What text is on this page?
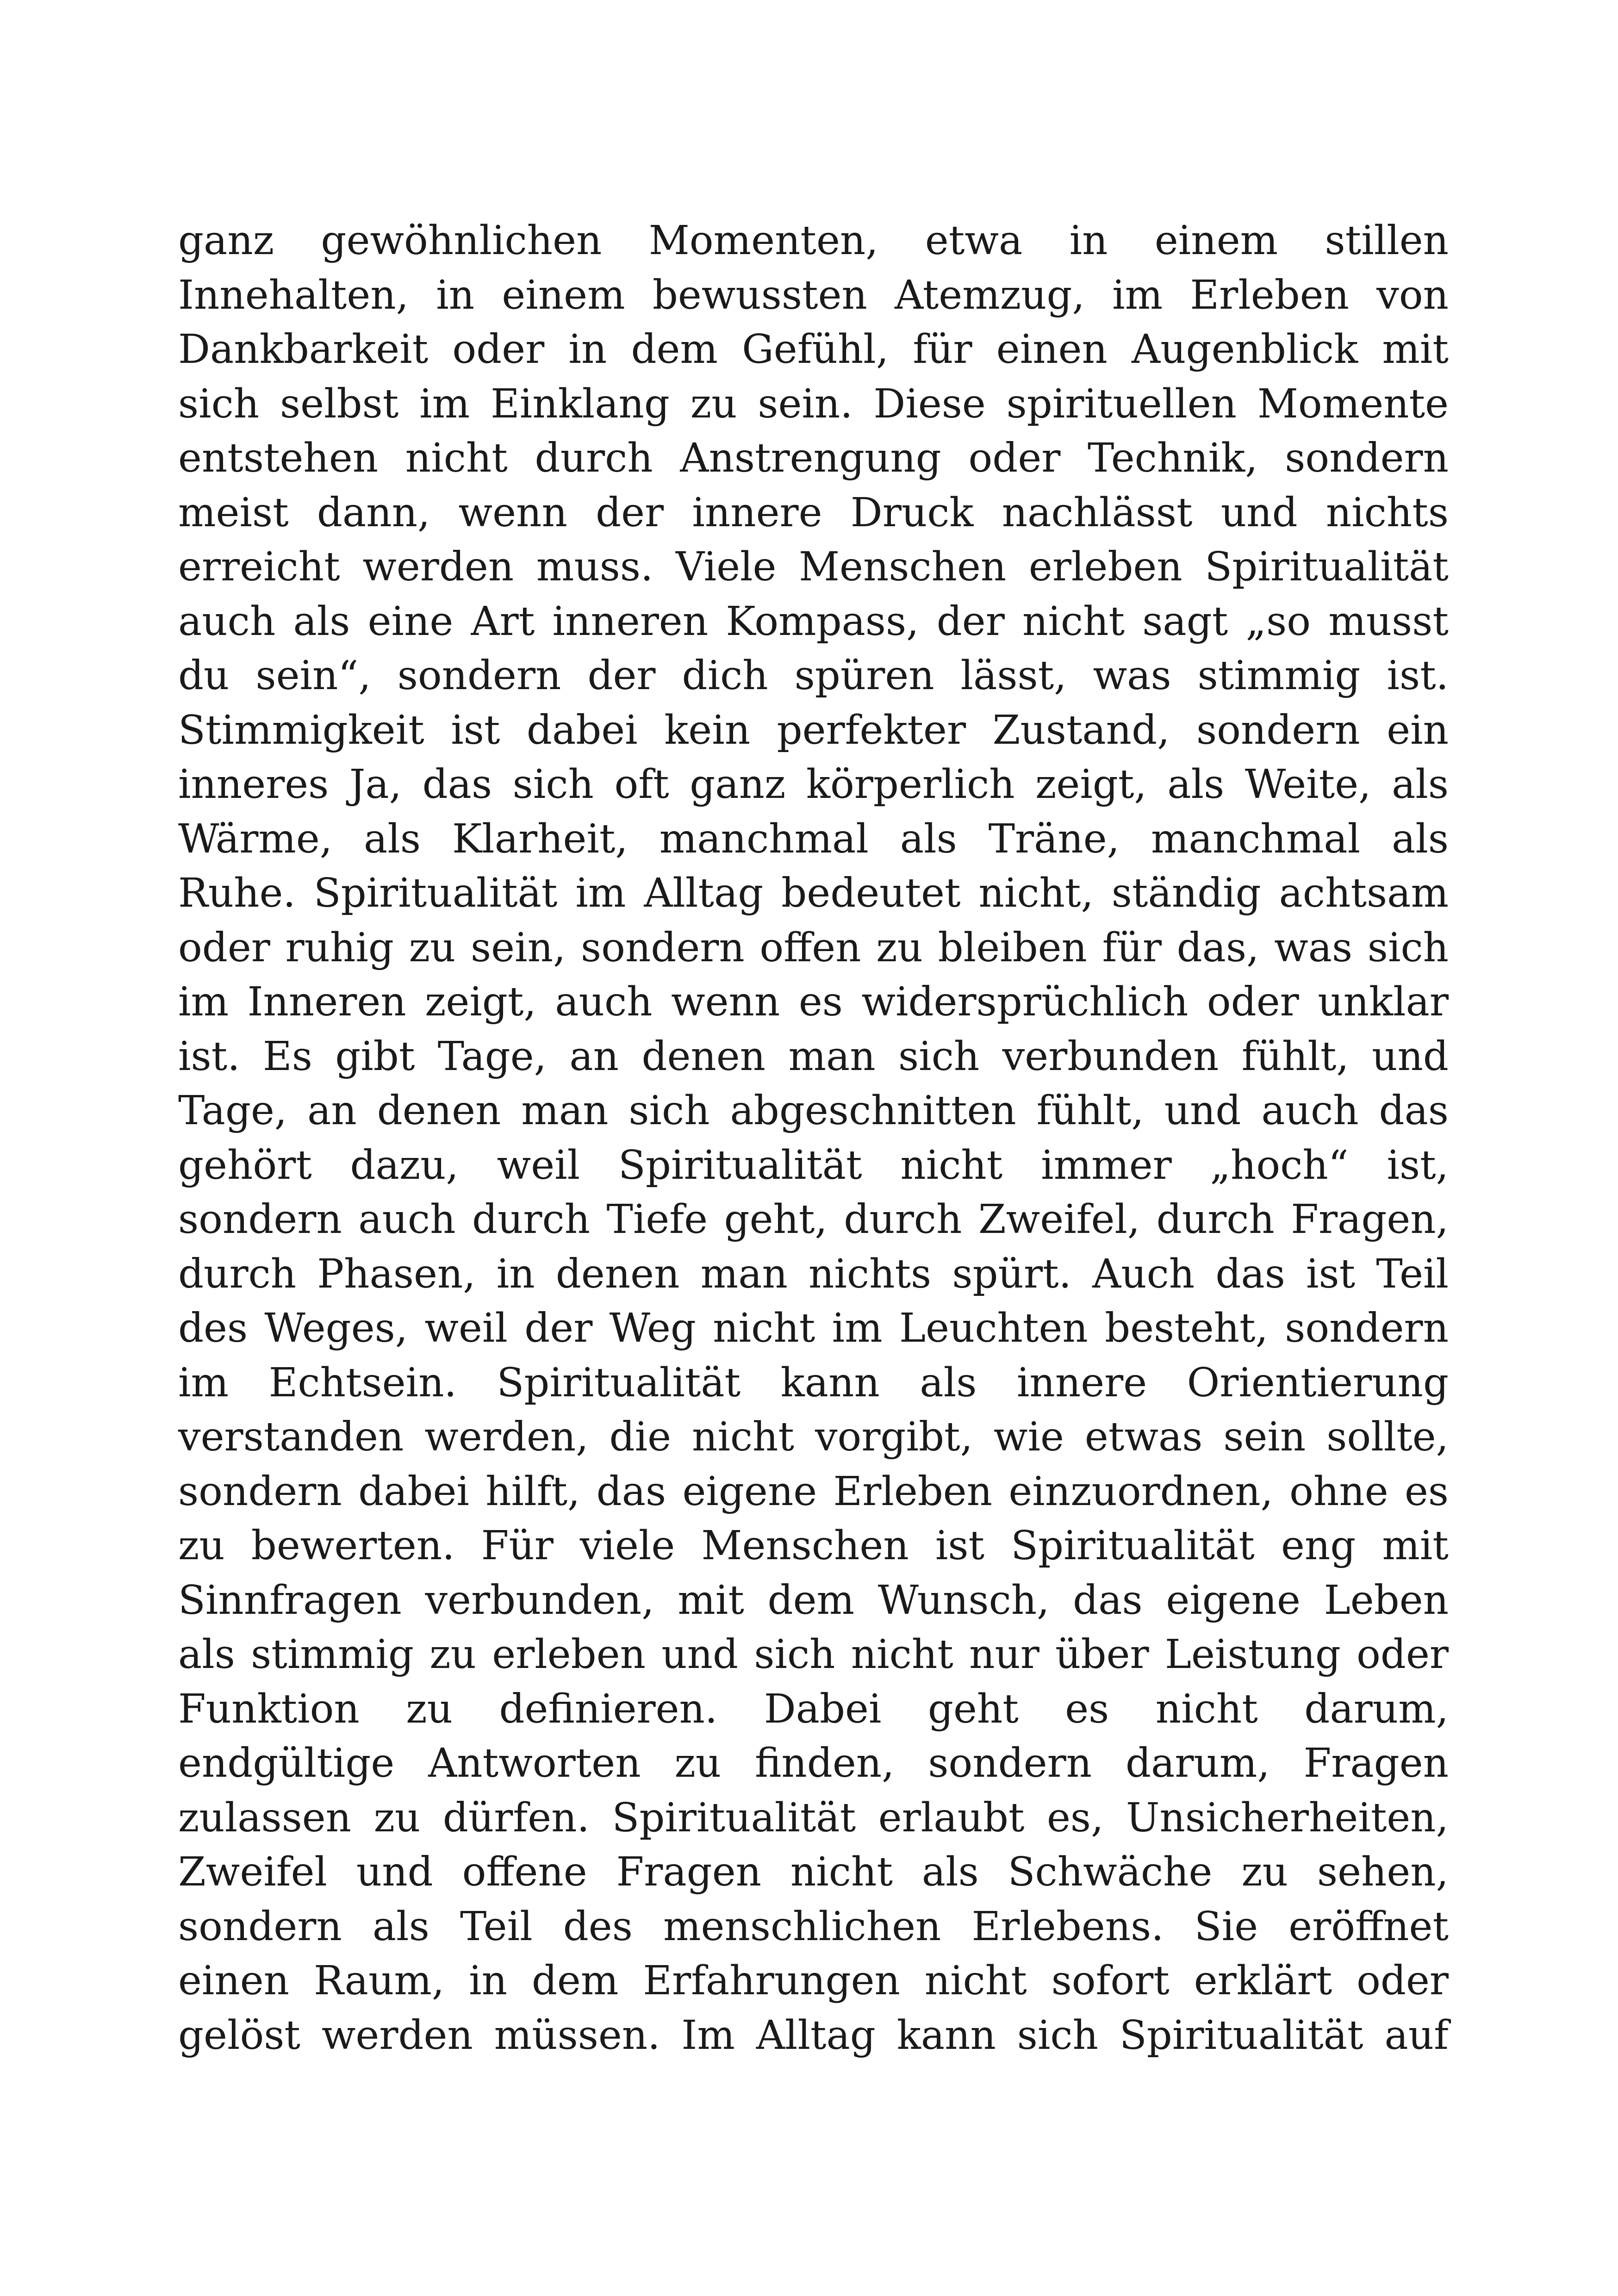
ganz gewöhnlichen Momenten, etwa in einem stillen
Innehalten, in einem bewussten Atemzug, im Erleben von
Dankbarkeit oder in dem Gefühl, für einen Augenblick mit
sich selbst im Einklang zu sein. Diese spirituellen Momente
entstehen nicht durch Anstrengung oder Technik, sondern
meist dann, wenn der innere Druck nachlässt und nichts
erreicht werden muss. Viele Menschen erleben Spiritualität
auch als eine Art inneren Kompass, der nicht sagt „so musst
du sein“, sondern der dich spüren lässt, was stimmig ist.
Stimmigkeit ist dabei kein perfekter Zustand, sondern ein
inneres Ja, das sich oft ganz körperlich zeigt, als Weite, als
Wärme, als Klarheit, manchmal als Träne, manchmal als
Ruhe. Spiritualität im Alltag bedeutet nicht, ständig achtsam
oder ruhig zu sein, sondern offen zu bleiben für das, was sich
im Inneren zeigt, auch wenn es widersprüchlich oder unklar
ist. Es gibt Tage, an denen man sich verbunden fühlt, und
Tage, an denen man sich abgeschnitten fühlt, und auch das
gehört dazu, weil Spiritualität nicht immer „hoch“ ist,
sondern auch durch Tiefe geht, durch Zweifel, durch Fragen,
durch Phasen, in denen man nichts spürt. Auch das ist Teil
des Weges, weil der Weg nicht im Leuchten besteht, sondern
im Echtsein. Spiritualität kann als innere Orientierung
verstanden werden, die nicht vorgibt, wie etwas sein sollte,
sondern dabei hilft, das eigene Erleben einzuordnen, ohne es
zu bewerten. Für viele Menschen ist Spiritualität eng mit
Sinnfragen verbunden, mit dem Wunsch, das eigene Leben
als stimmig zu erleben und sich nicht nur über Leistung oder
Funktion zu definieren. Dabei geht es nicht darum,
endgültige Antworten zu finden, sondern darum, Fragen
zulassen zu dürfen. Spiritualität erlaubt es, Unsicherheiten,
Zweifel und offene Fragen nicht als Schwäche zu sehen,
sondern als Teil des menschlichen Erlebens. Sie eröffnet
einen Raum, in dem Erfahrungen nicht sofort erklärt oder
gelöst werden müssen. Im Alltag kann sich Spiritualität auf
